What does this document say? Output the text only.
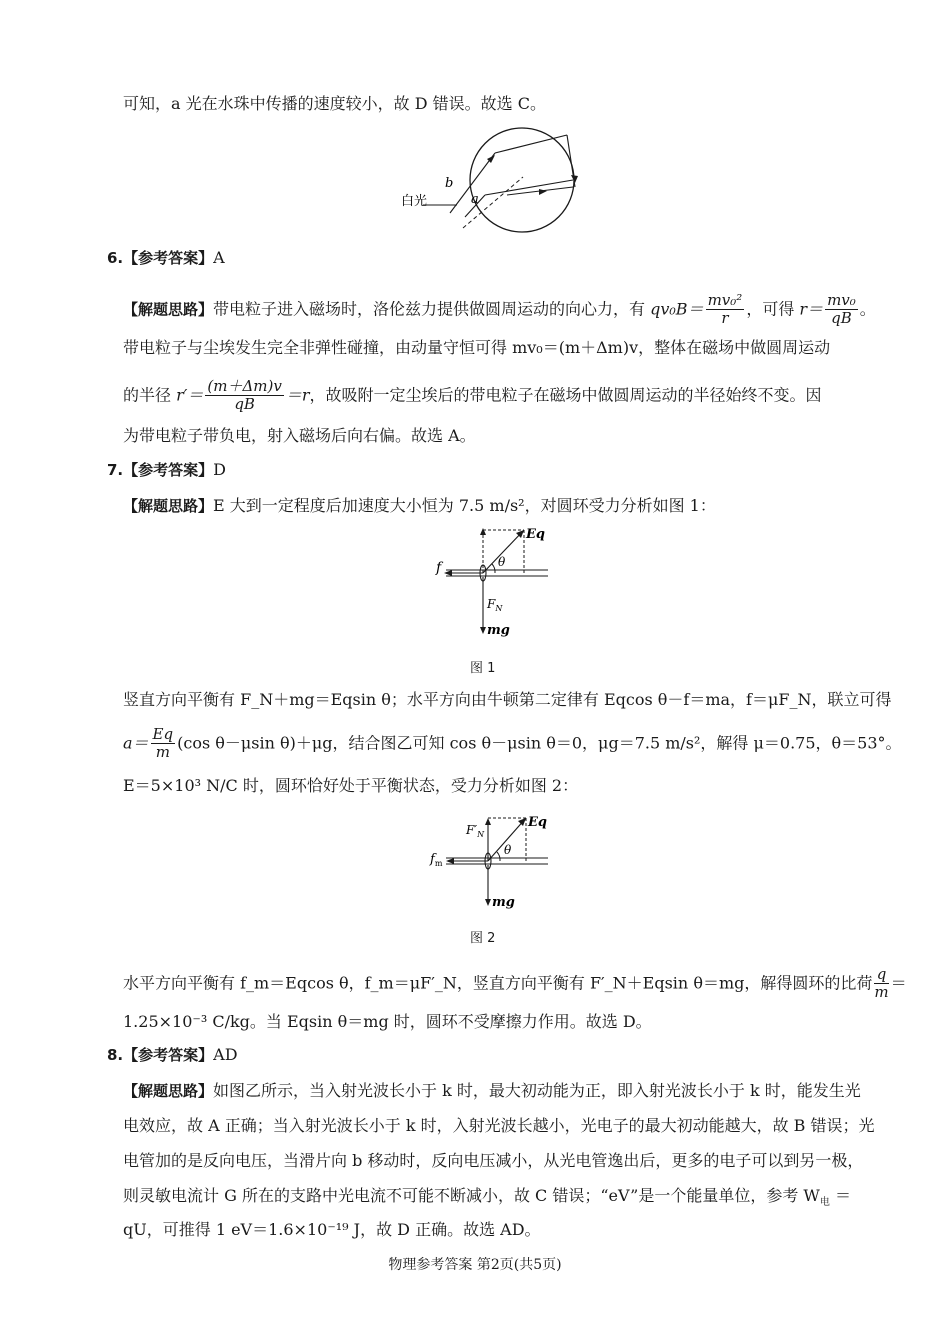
可知，a 光在水珠中传播的速度较小，故 D 错误。故选 C。
白光
b
a
6.【参考答案】A
【解题思路】带电粒子进入磁场时，洛伦兹力提供做圆周运动的向心力，有 $qv_0B= \frac{\text{mv₀²}}{r}$ ，可得 $r= \frac{\text{mv₀}}{qB}$ 。
带电粒子与尘埃发生完全非弹性碰撞，由动量守恒可得 mv₀＝(m＋Δm)v，整体在磁场中做圆周运动
的半径 $r'= \frac{(m+\Delta m)v}{qB} =r$，故吸附一定尘埃后的带电粒子在磁场中做圆周运动的半径始终不变。因
为带电粒子带负电，射入磁场后向右偏。故选 A。
7.【参考答案】D
【解题思路】E 大到一定程度后加速度大小恒为 7.5 m/s²，对圆环受力分析如图 1：
Eq
θ
f
$F_N$
mg
图 1
竖直方向平衡有 F_N＋mg＝Eqsin θ；水平方向由牛顿第二定律有 Eqcos θ－f＝ma，f＝μF_N，联立可得
$a= \frac{Eq}{m} (\cos$ θ－μsin θ)＋μg，结合图乙可知 cos θ－μsin θ＝0，μg＝7.5 m/s²，解得 μ＝0.75，θ＝53°。
E＝5×10³ N/C 时，圆环恰好处于平衡状态，受力分析如图 2：
Eq
θ
$f_m$
$F'_N$
mg
图 2
水平方向平衡有 f_m＝Eqcos θ，f_m＝μF′_N，竖直方向平衡有 F′_N＋Eqsin θ＝mg，解得圆环的比荷 $\frac{q}{m}$ ＝
1.25×10⁻³ C/kg。当 Eqsin θ＝mg 时，圆环不受摩擦力作用。故选 D。
8.【参考答案】AD
【解题思路】如图乙所示，当入射光波长小于 k 时，最大初动能为正，即入射光波长小于 k 时，能发生光
电效应，故 A 正确；当入射光波长小于 k 时，入射光波长越小，光电子的最大初动能越大，故 B 错误；光
电管加的是反向电压，当滑片向 b 移动时，反向电压减小，从光电管逸出后，更多的电子可以到另一极，
则灵敏电流计 G 所在的支路中光电流不可能不断减小，故 C 错误；“eV”是一个能量单位，参考 $W_电$ ＝
qU，可推得 1 eV＝1.6×10⁻¹⁹ J，故 D 正确。故选 AD。
物理参考答案 第2页(共5页)
